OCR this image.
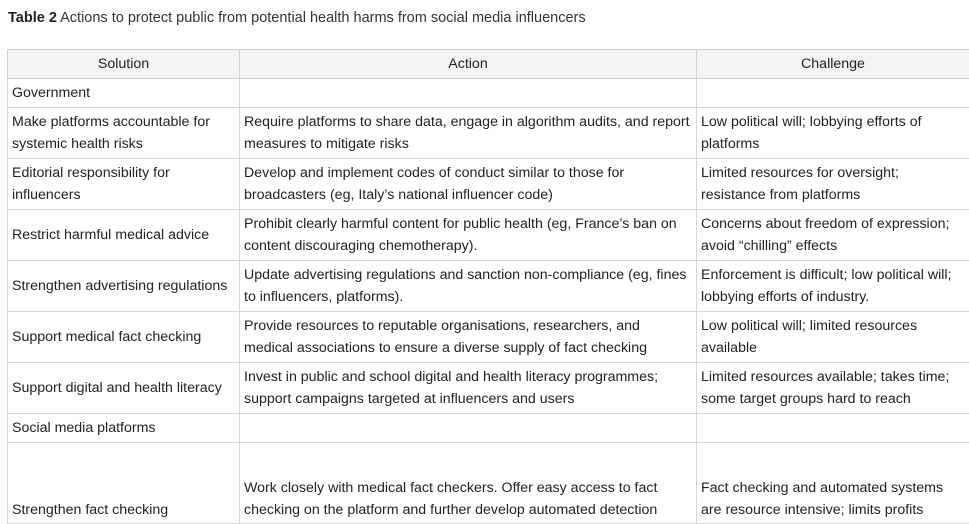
Table 2 Actions to protect public from potential health harms from social media influencers
Solution	Action	Challenge
Government		
Make platforms accountable for systemic health risks	Require platforms to share data, engage in algorithm audits, and report measures to mitigate risks	Low political will; lobbying efforts of platforms
Editorial responsibility for influencers	Develop and implement codes of conduct similar to those for broadcasters (eg, Italy’s national influencer code)	Limited resources for oversight; resistance from platforms
Restrict harmful medical advice	Prohibit clearly harmful content for public health (eg, France’s ban on content discouraging chemotherapy).	Concerns about freedom of expression; avoid “chilling” effects
Strengthen advertising regulations	Update advertising regulations and sanction non-compliance (eg, fines to influencers, platforms).	Enforcement is difficult; low political will; lobbying efforts of industry.
Support medical fact checking	Provide resources to reputable organisations, researchers, and medical associations to ensure a diverse supply of fact checking	Low political will; limited resources available
Support digital and health literacy	Invest in public and school digital and health literacy programmes; support campaigns targeted at influencers and users	Limited resources available; takes time; some target groups hard to reach
Social media platforms		
Strengthen fact checking	Work closely with medical fact checkers. Offer easy access to fact checking on the platform and further develop automated detection	Fact checking and automated systems are resource intensive; limits profits
